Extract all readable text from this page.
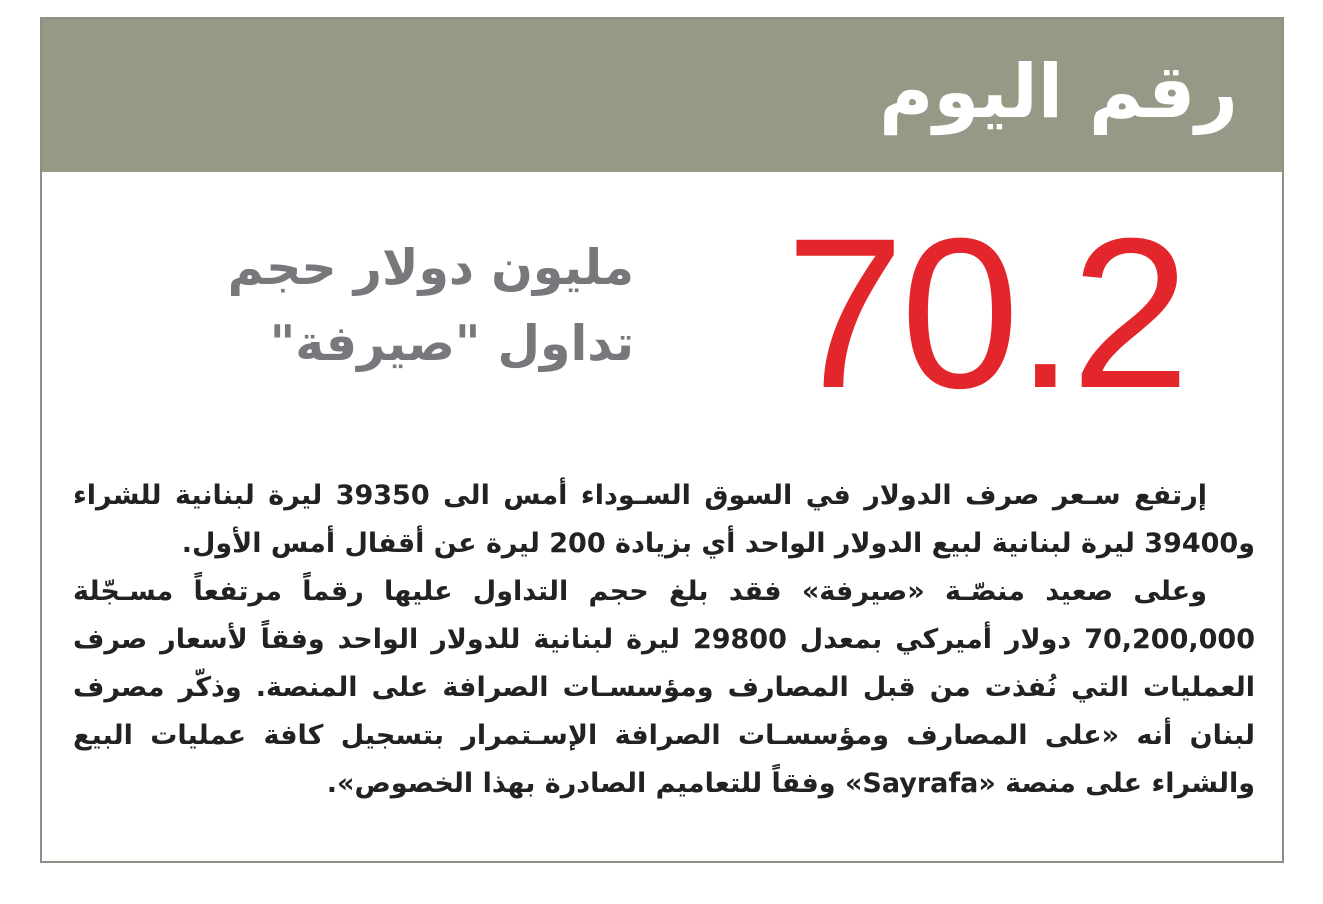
رقم اليوم
70.2
مليون دولار حجم
تداول "صيرفة"

إرتفع سـعر صرف الدولار في السوق السـوداء أمس الى 39350 ليرة لبنانية للشراء و39400 ليرة لبنانية لبيع الدولار الواحد أي بزيادة 200 ليرة عن أقفال أمس الأول.

وعلى صعيد منصّـة «صيرفة» فقد بلغ حجم التداول عليها رقماً مرتفعاً مسـجّلة 70,200,000 دولار أميركي بمعدل 29800 ليرة لبنانية للدولار الواحد وفقاً لأسعار صرف العمليات التي نُفذت من قبل المصارف ومؤسسـات الصرافة على المنصة. وذكّر مصرف لبنان أنه «على المصارف ومؤسسـات الصرافة الإسـتمرار بتسجيل كافة عمليات البيع والشراء على منصة «Sayrafa» وفقاً للتعاميم الصادرة بهذا الخصوص».
